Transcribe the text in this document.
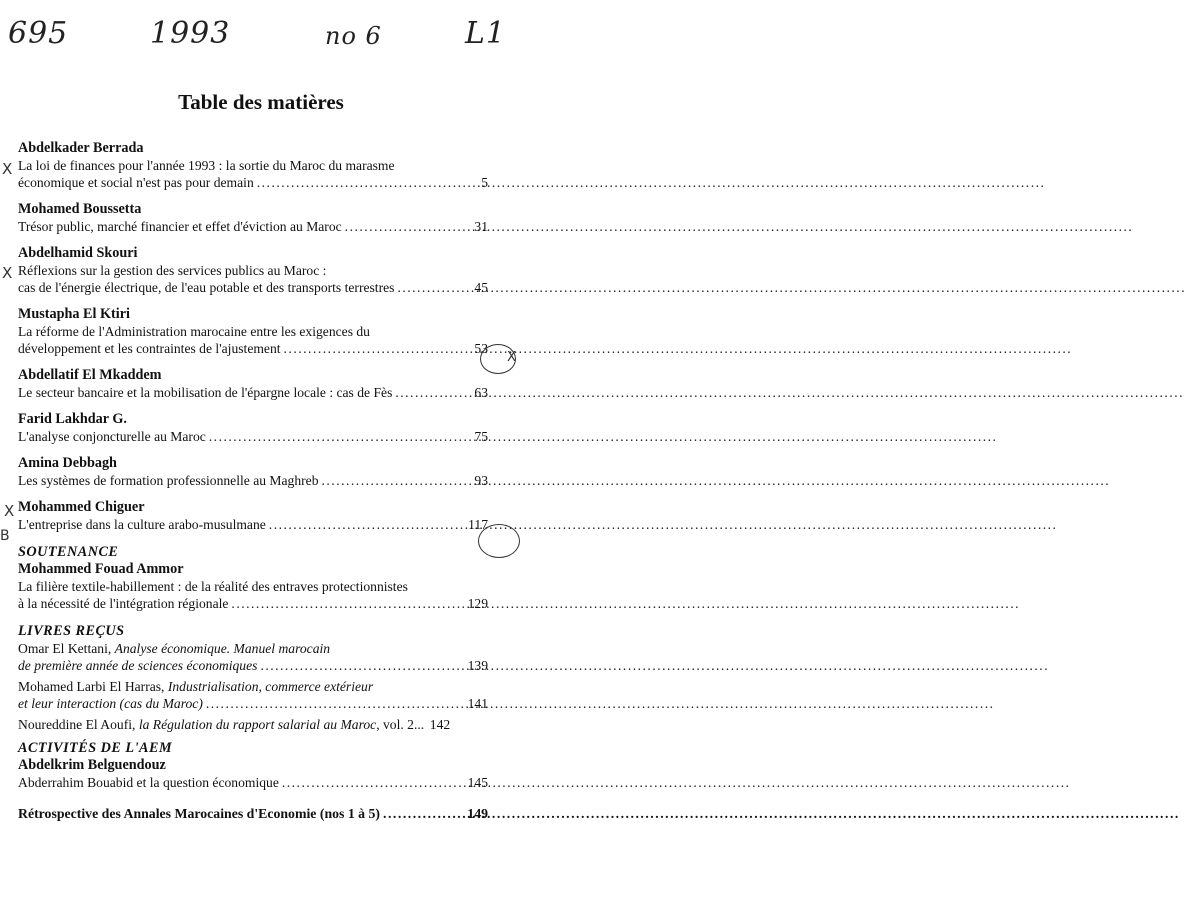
695	1993	no 6	L1
Table des matières
Abdelkader Berrada
La loi de finances pour l'année 1993 : la sortie du Maroc du marasme
économique et social n'est pas pour demain .....	5
Mohamed Boussetta
Trésor public, marché financier et effet d'éviction au Maroc .....	31
Abdelhamid Skouri
Réflexions sur la gestion des services publics au Maroc :
cas de l'énergie électrique, de l'eau potable et des transports terrestres .....	45
Mustapha El Ktiri
La réforme de l'Administration marocaine entre les exigences du
développement et les contraintes de l'ajustement .....	53
Abdellatif El Mkaddem
Le secteur bancaire et la mobilisation de l'épargne locale : cas de Fès .....	63
Farid Lakhdar G.
L'analyse conjoncturelle au Maroc .....	75
Amina Debbagh
Les systèmes de formation professionnelle au Maghreb .....	93
Mohammed Chiguer
L'entreprise dans la culture arabo-musulmane .....	117
SOUTENANCE
Mohammed Fouad Ammor
La filière textile-habillement : de la réalité des entraves protectionnistes
à la nécessité de l'intégration régionale .....	129
LIVRES REÇUS
Omar El Kettani, Analyse économique. Manuel marocain
de première année de sciences économiques .....	139
Mohamed Larbi El Harras, Industrialisation, commerce extérieur
et leur interaction (cas du Maroc) .....	141
Noureddine El Aoufi, la Régulation du rapport salarial au Maroc, vol. 2... 142
ACTIVITÉS DE L'AEM
Abdelkrim Belguendouz
Abderrahim Bouabid et la question économique .....	145
Rétrospective des Annales Marocaines d'Economie (nos 1 à 5) .....	149
X
X
X
B
X
